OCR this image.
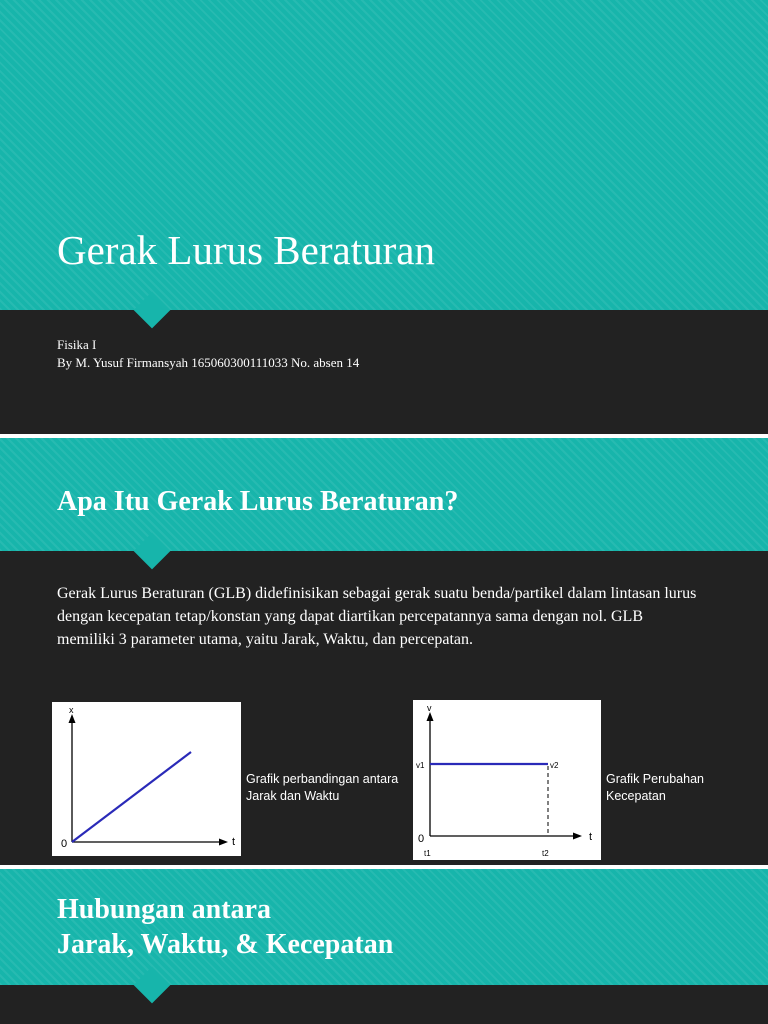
Gerak Lurus Beraturan
Fisika I
By M. Yusuf Firmansyah 165060300111033 No. absen 14
Apa Itu Gerak Lurus Beraturan?

Gerak Lurus Beraturan (GLB) didefinisikan sebagai gerak suatu benda/partikel dalam lintasan lurus dengan kecepatan tetap/konstan yang dapat diartikan percepatannya sama dengan nol. GLB memiliki 3 parameter utama, yaitu Jarak, Waktu, dan percepatan.

x
t
0
Grafik perbandingan antara Jarak dan Waktu
v
t
0
v1	v2
t1	t2
Grafik Perubahan Kecepatan
Hubungan antara
Jarak, Waktu, & Kecepatan
